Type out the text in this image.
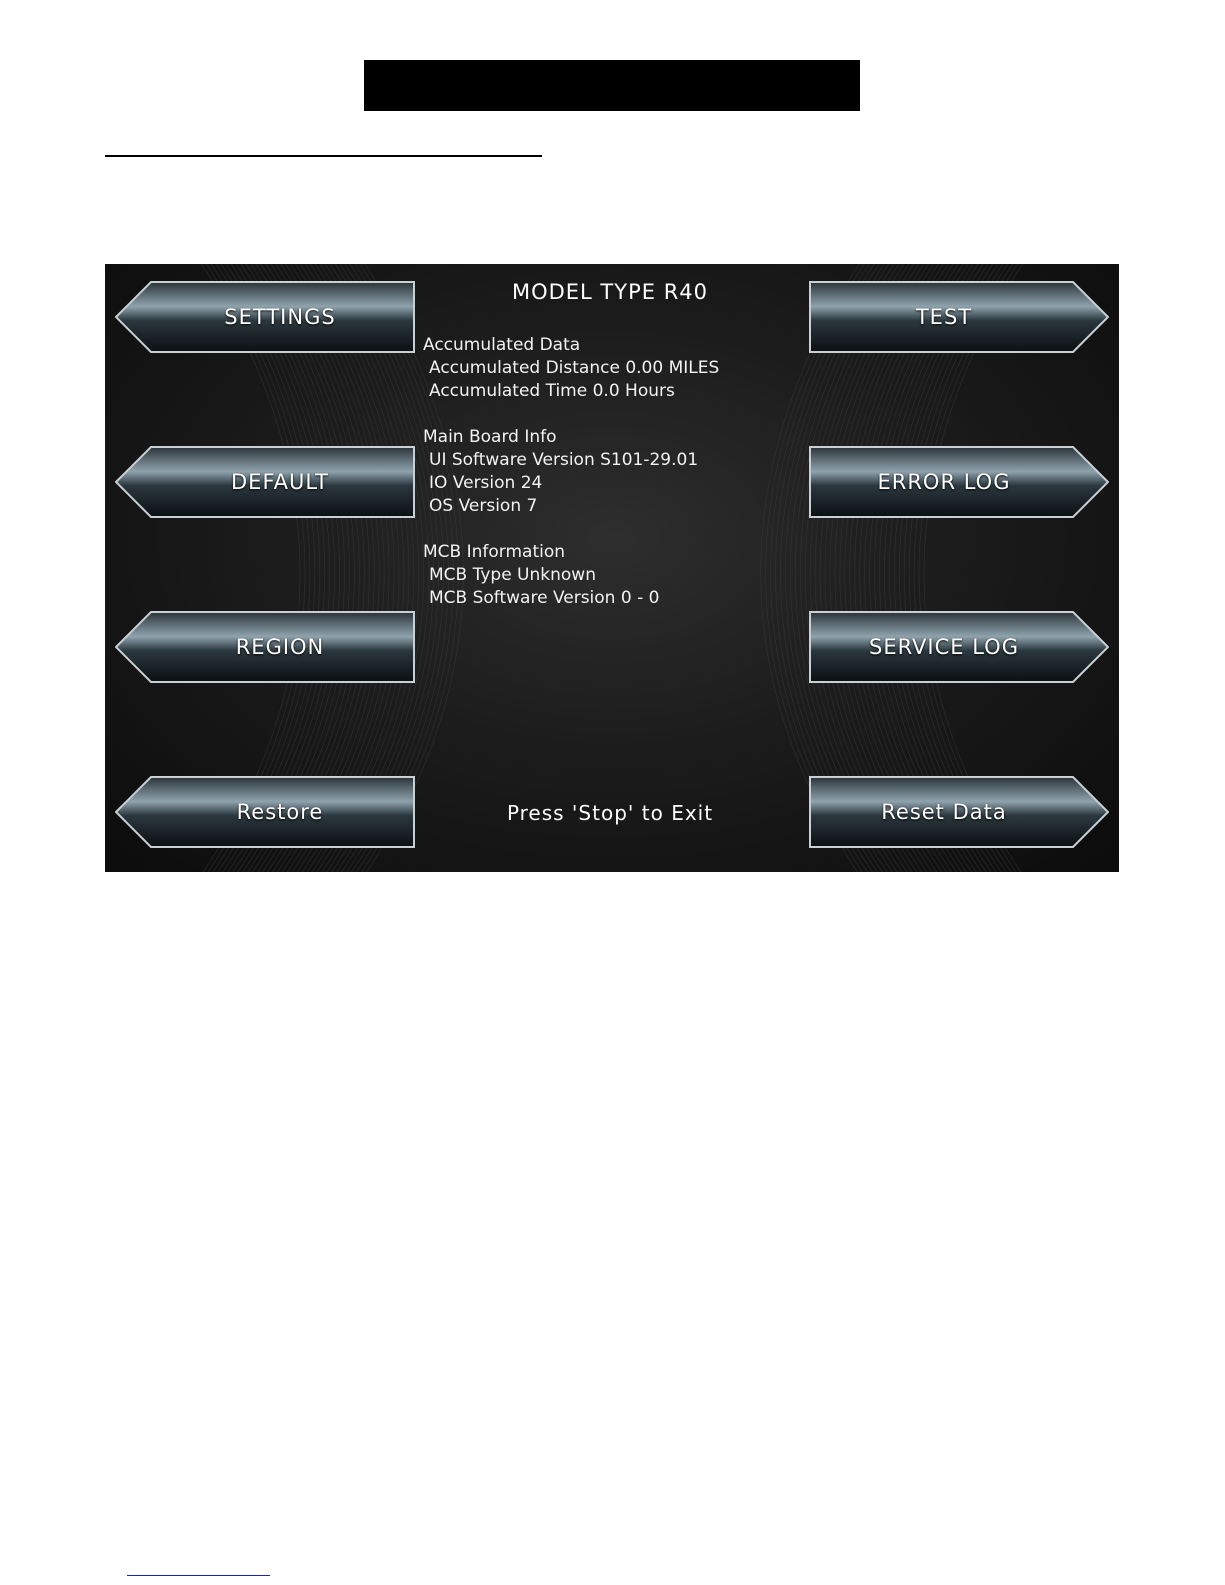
SETTINGS
DEFAULT
REGION
Restore
TEST
ERROR LOG
SERVICE LOG
Reset Data
MODEL TYPE R40
Accumulated Data
Accumulated Distance 0.00 MILES
Accumulated Time 0.0 Hours
Main Board Info
UI Software Version S101-29.01
IO Version 24
OS Version 7
MCB Information
MCB Type Unknown
MCB Software Version 0 - 0
Press 'Stop' to Exit
